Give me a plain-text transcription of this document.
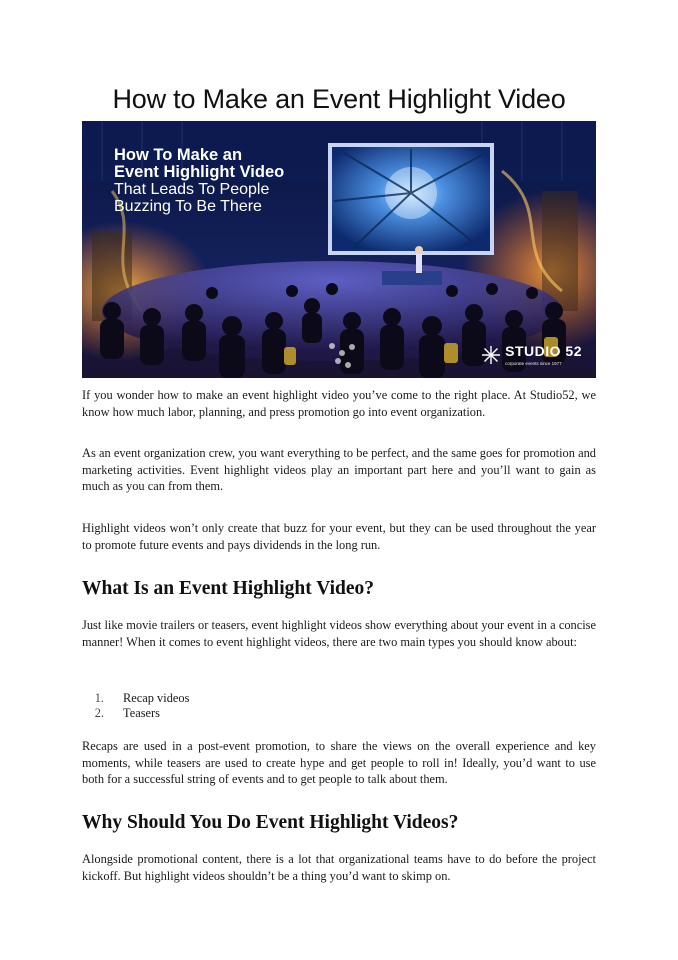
How to Make an Event Highlight Video
How To Make an
Event Highlight Video
That Leads To People
Buzzing To Be There
STUDIO 52
corporate events since 1977

If you wonder how to make an event highlight video you’ve come to the right place. At Studio52, we know how much labor, planning, and press promotion go into event organization.

As an event organization crew, you want everything to be perfect, and the same goes for promotion and marketing activities. Event highlight videos play an important part here and you’ll want to gain as much as you can from them.

Highlight videos won’t only create that buzz for your event, but they can be used throughout the year to promote future events and pays dividends in the long run.

What Is an Event Highlight Video?

Just like movie trailers or teasers, event highlight videos show everything about your event in a concise manner! When it comes to event highlight videos, there are two main types you should know about:

1.	Recap videos
2.	Teasers

Recaps are used in a post-event promotion, to share the views on the overall experience and key moments, while teasers are used to create hype and get people to roll in! Ideally, you’d want to use both for a successful string of events and to get people to talk about them.

Why Should You Do Event Highlight Videos?

Alongside promotional content, there is a lot that organizational teams have to do before the project kickoff. But highlight videos shouldn’t be a thing you’d want to skimp on.
